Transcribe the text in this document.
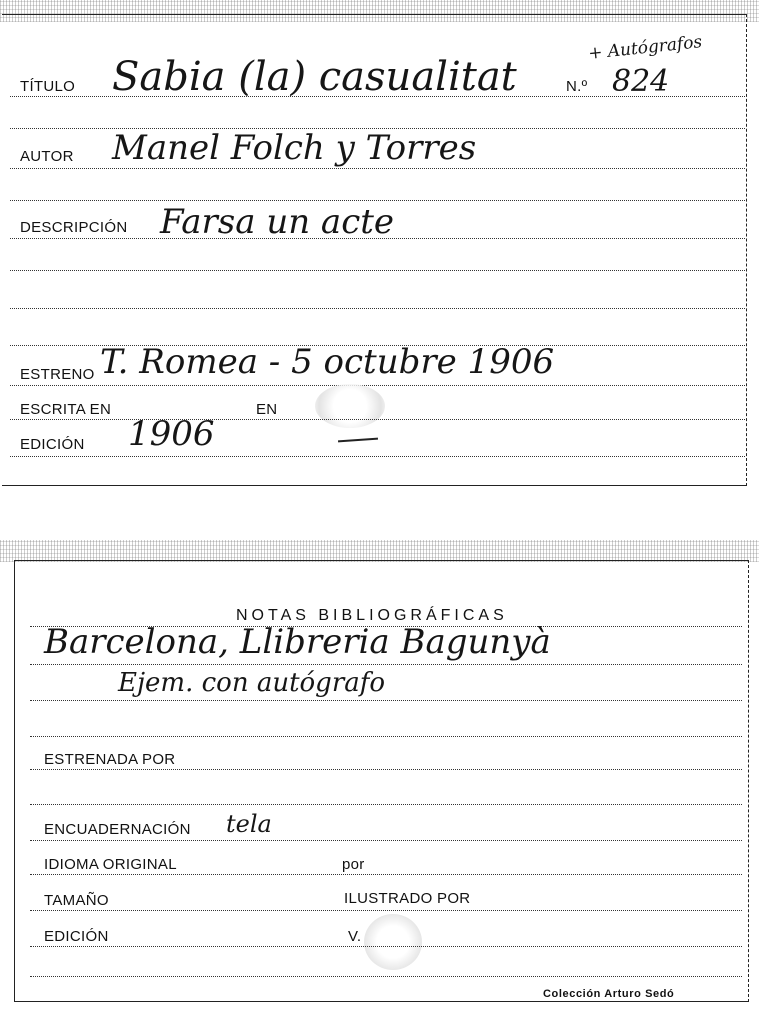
TÍTULO Sabia (la) casualitat	N.º 824
+ Autógrafos
AUTOR Manel Folch y Torres
DESCRIPCIÓN Farsa un acte
ESTRENO T. Romea - 5 octubre 1906
ESCRITA EN	EN
EDICIÓN 1906
NOTAS BIBLIOGRÁFICAS
Barcelona, Llibreria Bagunyà
Ejem. con autógrafo
ESTRENADA POR
ENCUADERNACIÓN tela
IDIOMA ORIGINAL	por
TAMAÑO	ILUSTRADO POR
EDICIÓN	V.
Colección Arturo Sedó
